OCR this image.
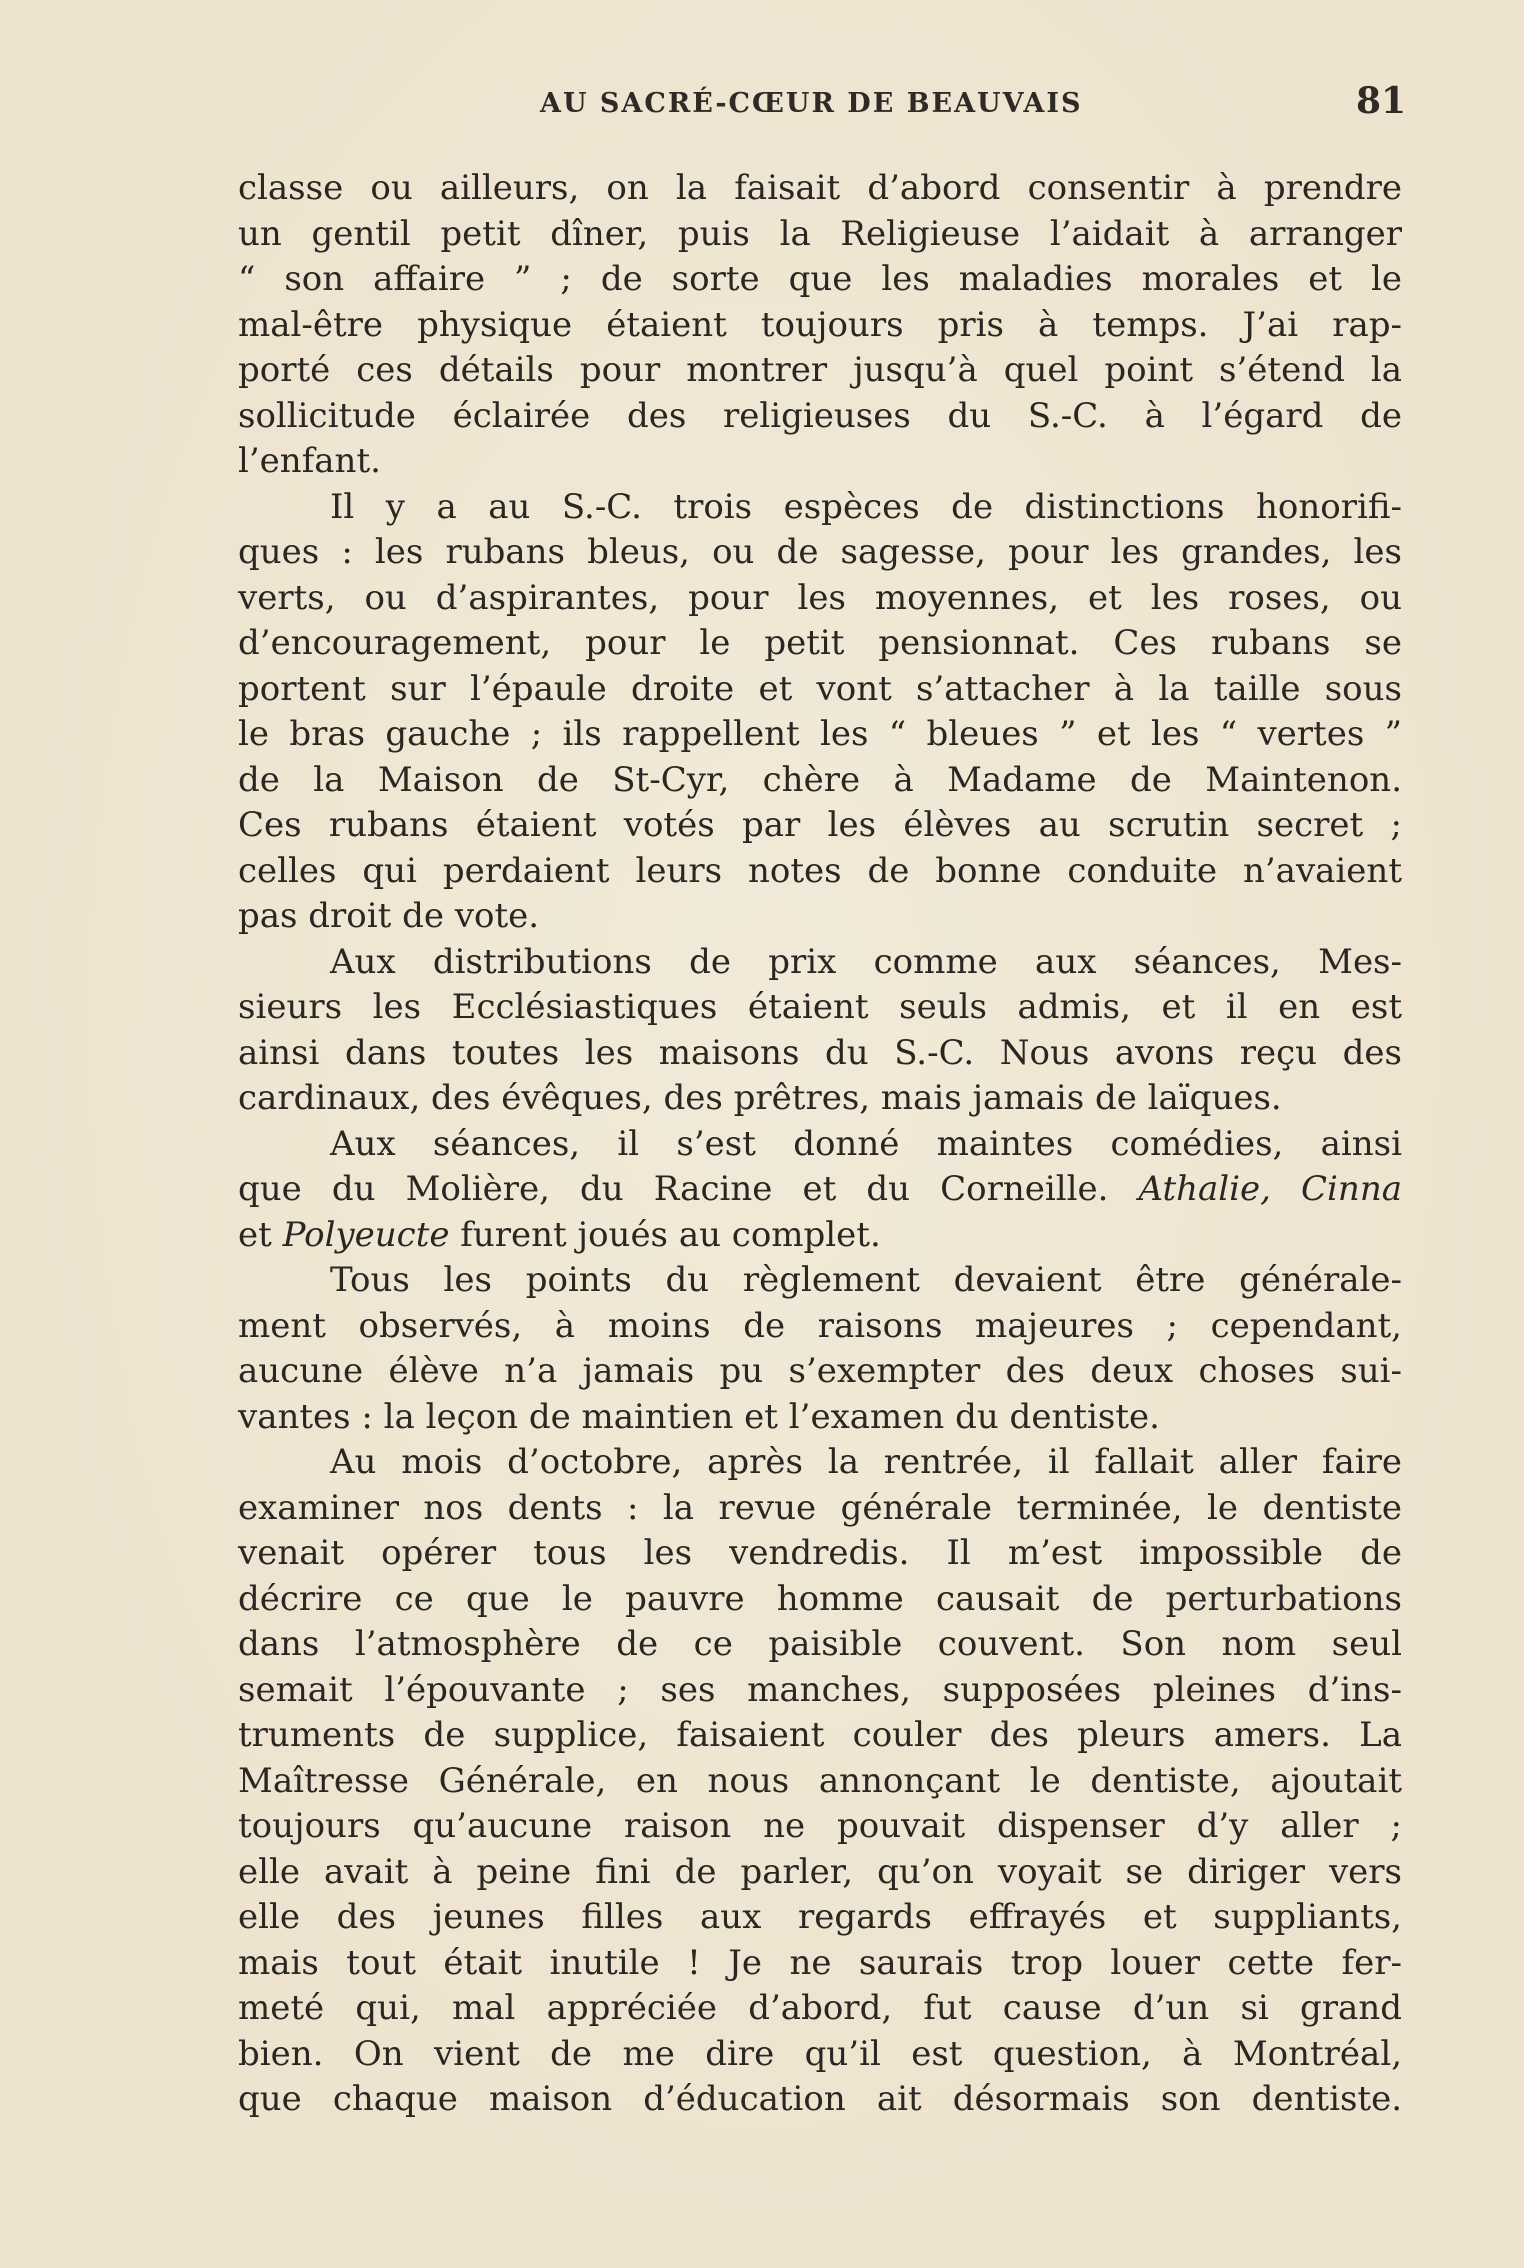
AU SACRÉ-CŒUR DE BEAUVAIS	81
classe ou ailleurs, on la faisait d’abord consentir à prendre
un gentil petit dîner, puis la Religieuse l’aidait à arranger
“ son affaire ” ; de sorte que les maladies morales et le
mal-être physique étaient toujours pris à temps. J’ai rap-
porté ces détails pour montrer jusqu’à quel point s’étend la
sollicitude éclairée des religieuses du S.-C. à l’égard de
l’enfant.
Il y a au S.-C. trois espèces de distinctions honorifi-
ques : les rubans bleus, ou de sagesse, pour les grandes, les
verts, ou d’aspirantes, pour les moyennes, et les roses, ou
d’encouragement, pour le petit pensionnat. Ces rubans se
portent sur l’épaule droite et vont s’attacher à la taille sous
le bras gauche ; ils rappellent les “ bleues ” et les “ vertes ”
de la Maison de St-Cyr, chère à Madame de Maintenon.
Ces rubans étaient votés par les élèves au scrutin secret ;
celles qui perdaient leurs notes de bonne conduite n’avaient
pas droit de vote.
Aux distributions de prix comme aux séances, Mes-
sieurs les Ecclésiastiques étaient seuls admis, et il en est
ainsi dans toutes les maisons du S.-C. Nous avons reçu des
cardinaux, des évêques, des prêtres, mais jamais de laïques.
Aux séances, il s’est donné maintes comédies, ainsi
que du Molière, du Racine et du Corneille. Athalie, Cinna
et Polyeucte furent joués au complet.
Tous les points du règlement devaient être générale-
ment observés, à moins de raisons majeures ; cependant,
aucune élève n’a jamais pu s’exempter des deux choses sui-
vantes : la leçon de maintien et l’examen du dentiste.
Au mois d’octobre, après la rentrée, il fallait aller faire
examiner nos dents : la revue générale terminée, le dentiste
venait opérer tous les vendredis. Il m’est impossible de
décrire ce que le pauvre homme causait de perturbations
dans l’atmosphère de ce paisible couvent. Son nom seul
semait l’épouvante ; ses manches, supposées pleines d’ins-
truments de supplice, faisaient couler des pleurs amers. La
Maîtresse Générale, en nous annonçant le dentiste, ajoutait
toujours qu’aucune raison ne pouvait dispenser d’y aller ;
elle avait à peine fini de parler, qu’on voyait se diriger vers
elle des jeunes filles aux regards effrayés et suppliants,
mais tout était inutile ! Je ne saurais trop louer cette fer-
meté qui, mal appréciée d’abord, fut cause d’un si grand
bien. On vient de me dire qu’il est question, à Montréal,
que chaque maison d’éducation ait désormais son dentiste.
